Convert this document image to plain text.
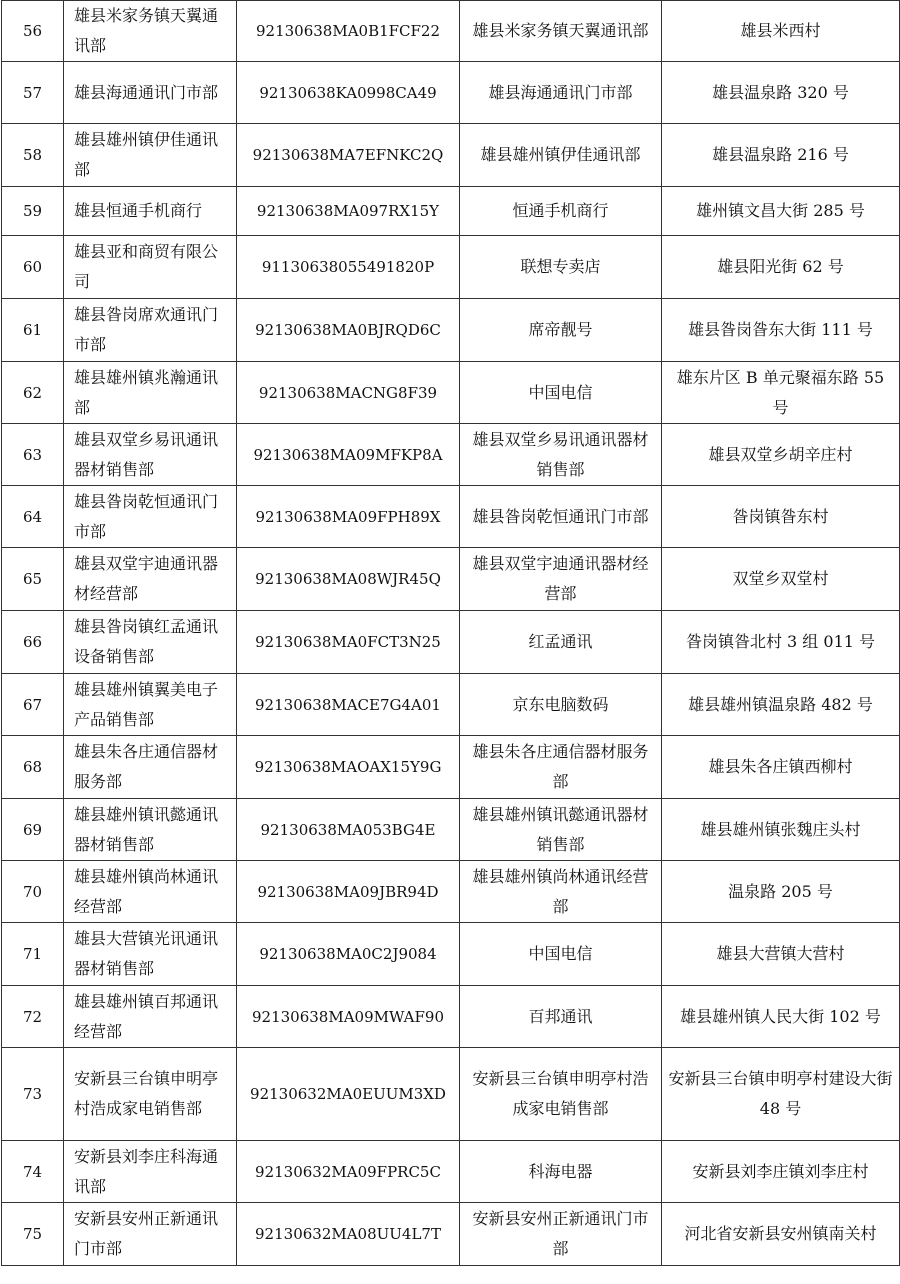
56	雄县米家务镇天翼通讯部	92130638MA0B1FCF22	雄县米家务镇天翼通讯部	雄县米西村
57	雄县海通通讯门市部	92130638KA0998CA49	雄县海通通讯门市部	雄县温泉路 320 号
58	雄县雄州镇伊佳通讯部	92130638MA7EFNKC2Q	雄县雄州镇伊佳通讯部	雄县温泉路 216 号
59	雄县恒通手机商行	92130638MA097RX15Y	恒通手机商行	雄州镇文昌大街 285 号
60	雄县亚和商贸有限公司	91130638055491820P	联想专卖店	雄县阳光街 62 号
61	雄县昝岗席欢通讯门市部	92130638MA0BJRQD6C	席帝靓号	雄县昝岗昝东大街 111 号
62	雄县雄州镇兆瀚通讯部	92130638MACNG8F39	中国电信	雄东片区 B 单元聚福东路 55 号
63	雄县双堂乡易讯通讯器材销售部	92130638MA09MFKP8A	雄县双堂乡易讯通讯器材销售部	雄县双堂乡胡辛庄村
64	雄县昝岗乾恒通讯门市部	92130638MA09FPH89X	雄县昝岗乾恒通讯门市部	昝岗镇昝东村
65	雄县双堂宇迪通讯器材经营部	92130638MA08WJR45Q	雄县双堂宇迪通讯器材经营部	双堂乡双堂村
66	雄县昝岗镇红孟通讯设备销售部	92130638MA0FCT3N25	红孟通讯	昝岗镇昝北村 3 组 011 号
67	雄县雄州镇翼美电子产品销售部	92130638MACE7G4A01	京东电脑数码	雄县雄州镇温泉路 482 号
68	雄县朱各庄通信器材服务部	92130638MAOAX15Y9G	雄县朱各庄通信器材服务部	雄县朱各庄镇西柳村
69	雄县雄州镇讯懿通讯器材销售部	92130638MA053BG4E	雄县雄州镇讯懿通讯器材销售部	雄县雄州镇张魏庄头村
70	雄县雄州镇尚林通讯经营部	92130638MA09JBR94D	雄县雄州镇尚林通讯经营部	温泉路 205 号
71	雄县大营镇光讯通讯器材销售部	92130638MA0C2J9084	中国电信	雄县大营镇大营村
72	雄县雄州镇百邦通讯经营部	92130638MA09MWAF90	百邦通讯	雄县雄州镇人民大街 102 号
73	安新县三台镇申明亭村浩成家电销售部	92130632MA0EUUM3XD	安新县三台镇申明亭村浩成家电销售部	安新县三台镇申明亭村建设大街 48 号
74	安新县刘李庄科海通讯部	92130632MA09FPRC5C	科海电器	安新县刘李庄镇刘李庄村
75	安新县安州正新通讯门市部	92130632MA08UU4L7T	安新县安州正新通讯门市部	河北省安新县安州镇南关村
